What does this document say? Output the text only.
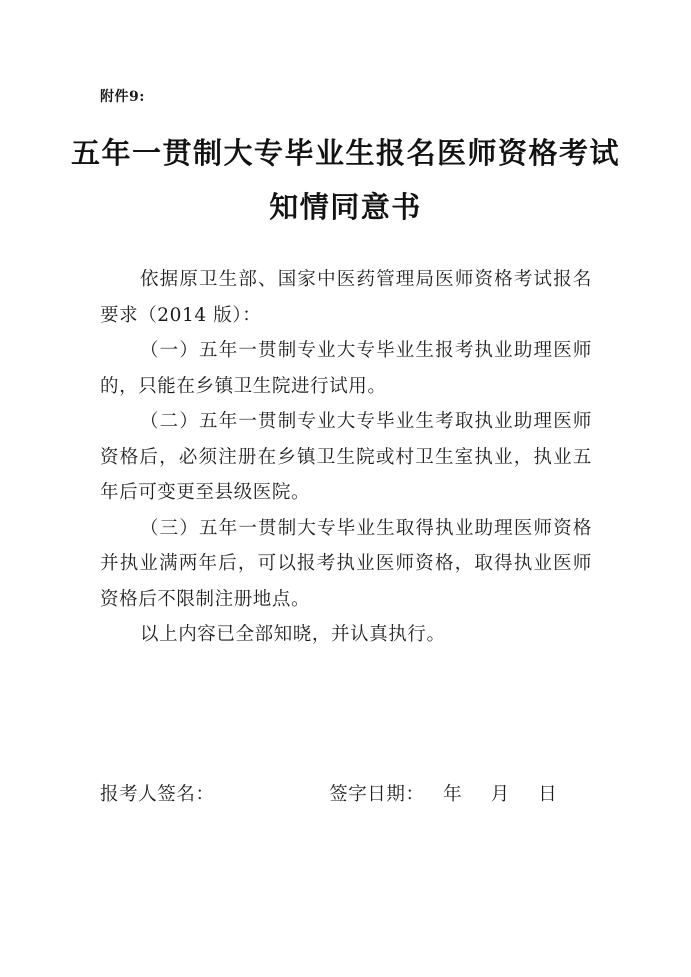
附件9:
五年一贯制大专毕业生报名医师资格考试
知情同意书

依据原卫生部、国家中医药管理局医师资格考试报名要求（2014 版）：

（一）五年一贯制专业大专毕业生报考执业助理医师的，只能在乡镇卫生院进行试用。

（二）五年一贯制专业大专毕业生考取执业助理医师资格后，必须注册在乡镇卫生院或村卫生室执业，执业五年后可变更至县级医院。

（三）五年一贯制大专毕业生取得执业助理医师资格并执业满两年后，可以报考执业医师资格，取得执业医师资格后不限制注册地点。

以上内容已全部知晓，并认真执行。

报考人签名：	签字日期： 年 月 日
